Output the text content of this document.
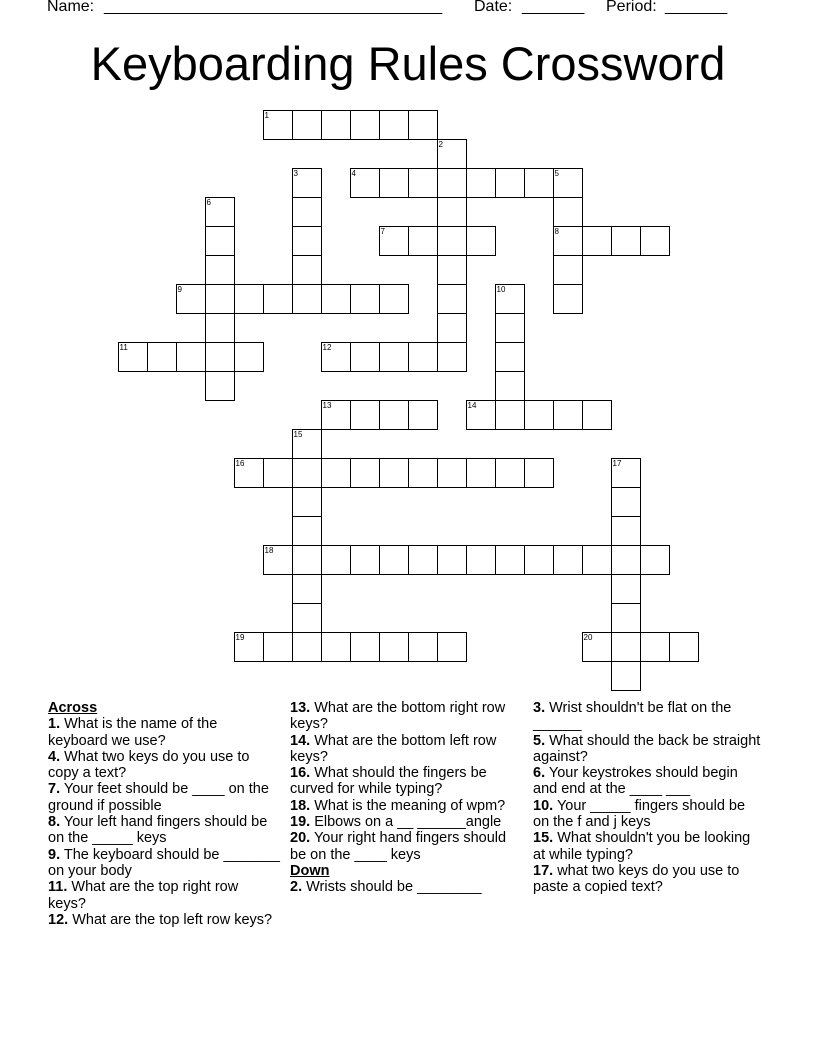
Name: ______________________________________ Date: _______ Period: _______
Keyboarding Rules Crossword
1
2
3	4	5
8
6
7
9	10
11	12
13	14
15
16	17
18
19	20

Across

1. What is the name of the keyboard we use?

4. What two keys do you use to copy a text?

7. Your feet should be ____ on the ground if possible

8. Your left hand fingers should be on the _____ keys

9. The keyboard should be _______ on your body

11. What are the top right row keys?

12. What are the top left row keys?

13. What are the bottom right row keys?

14. What are the bottom left row keys?

16. What should the fingers be curved for while typing?

18. What is the meaning of wpm?

19. Elbows on a __ ______angle

20. Your right hand fingers should be on the ____ keys

Down

2. Wrists should be ________

3. Wrist shouldn't be flat on the ______

5. What should the back be straight against?

6. Your keystrokes should begin and end at the ____ ___

10. Your _____ fingers should be on the f and j keys

15. What shouldn't you be looking at while typing?

17. what two keys do you use to paste a copied text?
